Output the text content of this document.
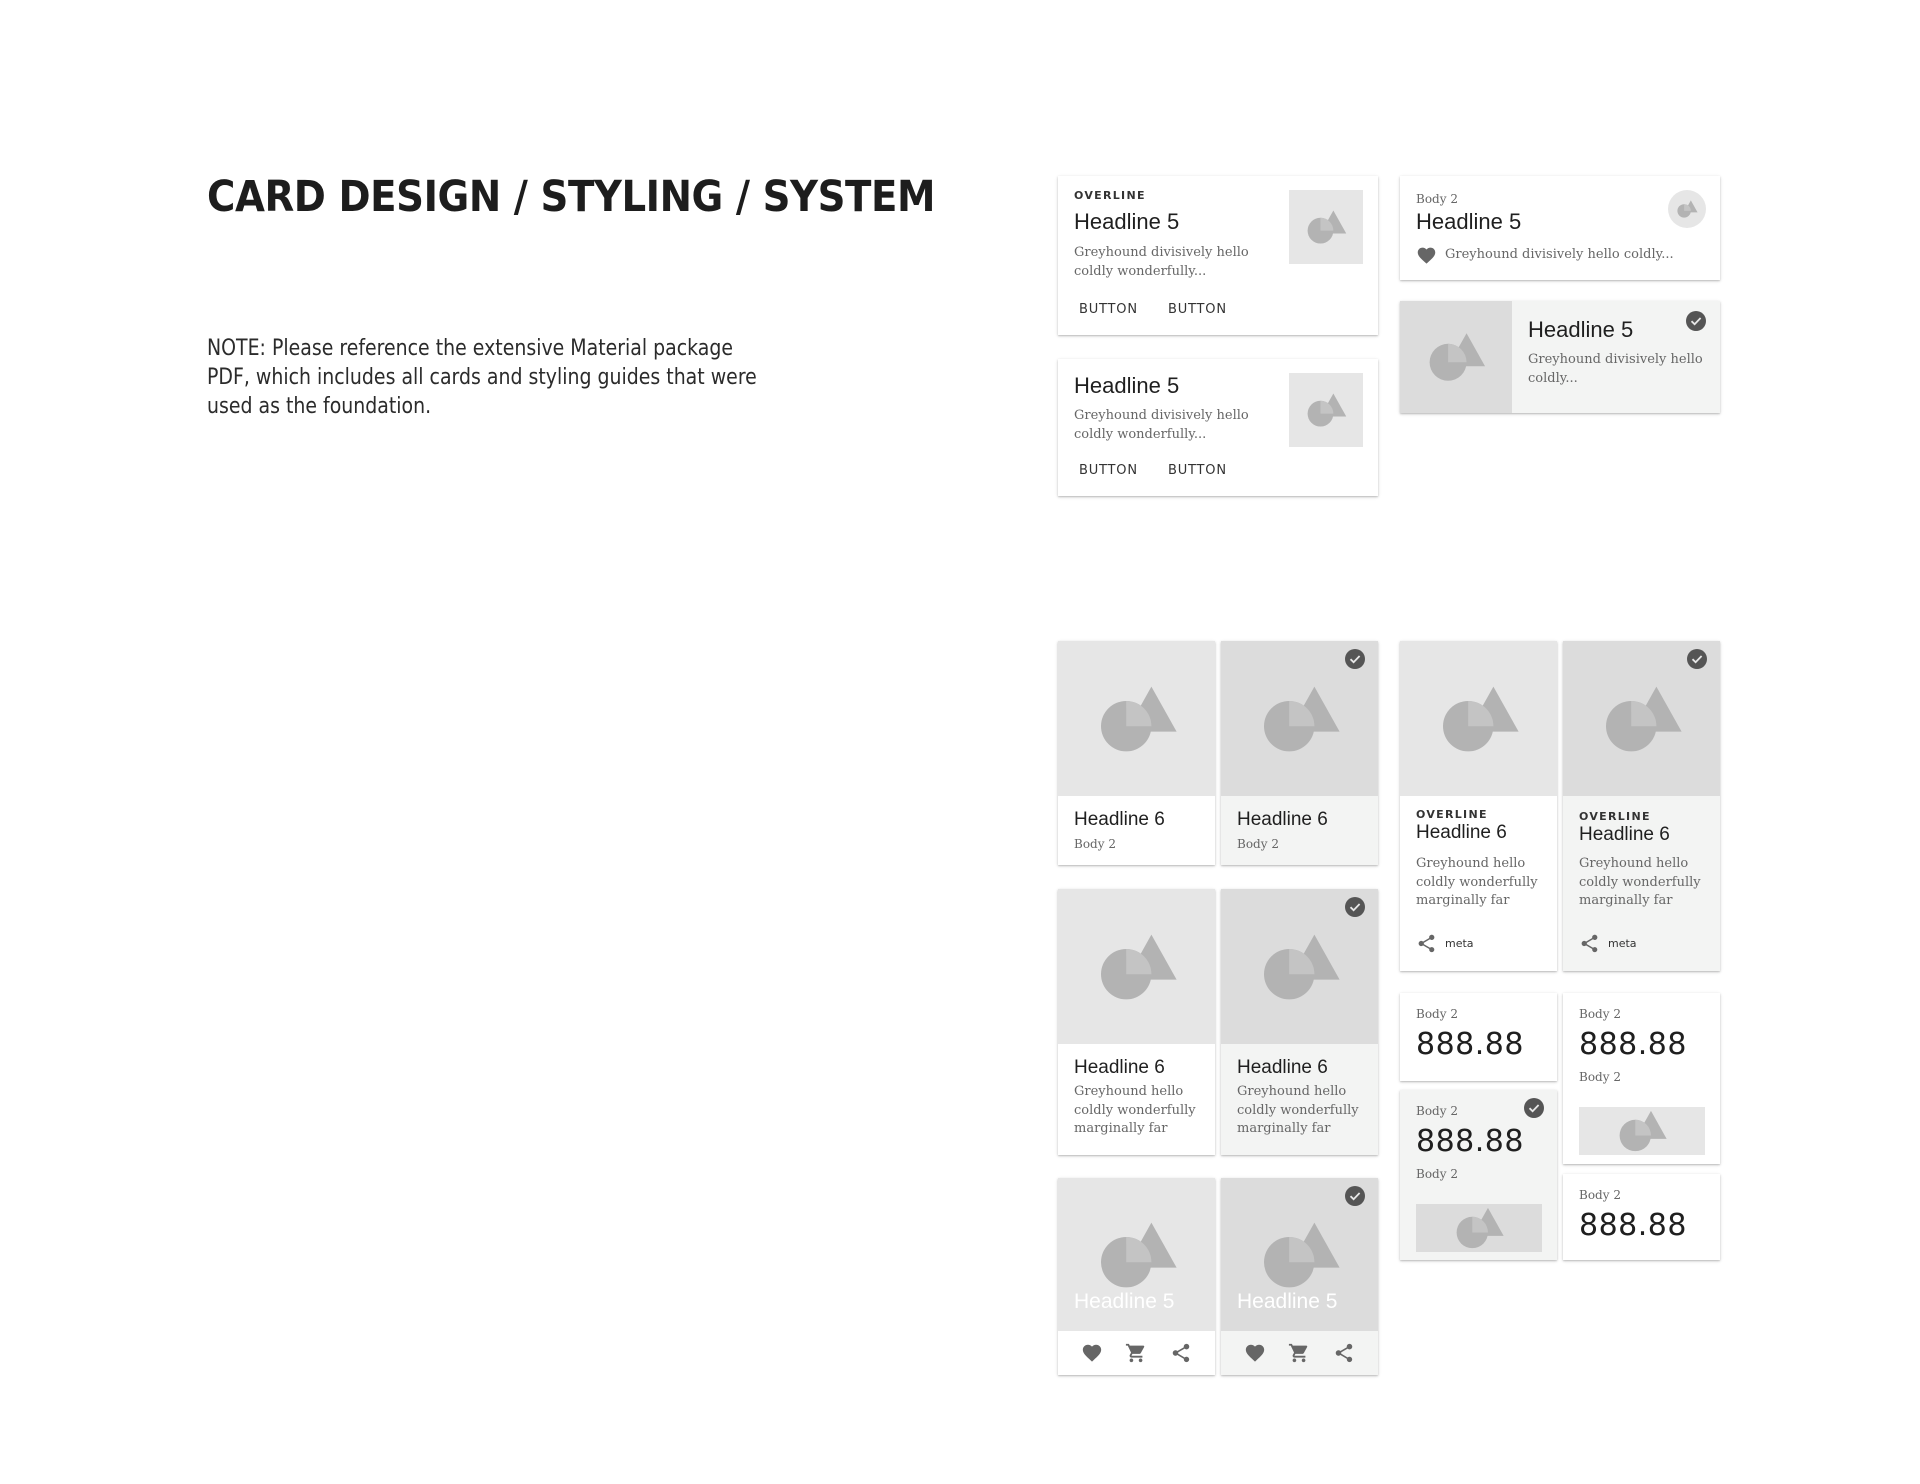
CARD DESIGN / STYLING / SYSTEM
NOTE: Please reference the extensive Material package PDF, which includes all cards and styling guides that were used as the foundation.
OVERLINE
Headline 5
Greyhound divisively hello coldly wonderfully...
BUTTON BUTTON
Headline 5
Greyhound divisively hello coldly wonderfully...
BUTTON BUTTON
Body 2
Headline 5
Greyhound divisively hello coldly...
Headline 5
Greyhound divisively hello coldly...
Headline 6
Body 2
Headline 6
Body 2
Headline 6
Greyhound hello coldly wonderfully marginally far
Headline 6
Greyhound hello coldly wonderfully marginally far
Headline 5	Headline 5
OVERLINE
Headline 6
Greyhound hello coldly wonderfully marginally far
meta
OVERLINE
Headline 6
Greyhound hello coldly wonderfully marginally far
meta
Body 2
888.88
Body 2
888.88
Body 2
Body 2
888.88
Body 2
Body 2
888.88
